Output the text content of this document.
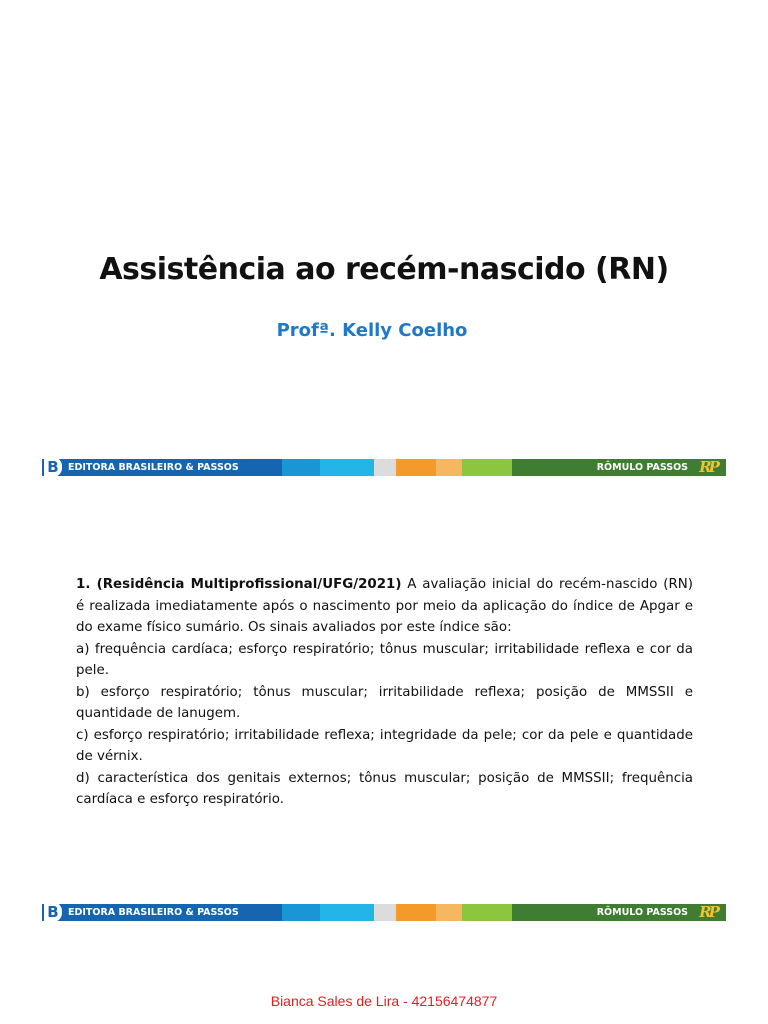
Assistência ao recém-nascido (RN)
Profª. Kelly Coelho
B EDITORA BRASILEIRO & PASSOS	RÔMULO PASSOS RP

1. (Residência Multiprofissional/UFG/2021) A avaliação inicial do recém-nascido (RN) é realizada imediatamente após o nascimento por meio da aplicação do índice de Apgar e do exame físico sumário. Os sinais avaliados por este índice são:

a) frequência cardíaca; esforço respiratório; tônus muscular; irritabilidade reflexa e cor da pele.

b) esforço respiratório; tônus muscular; irritabilidade reflexa; posição de MMSSII e quantidade de lanugem.

c) esforço respiratório; irritabilidade reflexa; integridade da pele; cor da pele e quantidade de vérnix.

d) característica dos genitais externos; tônus muscular; posição de MMSSII; frequência cardíaca e esforço respiratório.

B EDITORA BRASILEIRO & PASSOS	RÔMULO PASSOS RP
Bianca Sales de Lira - 42156474877
